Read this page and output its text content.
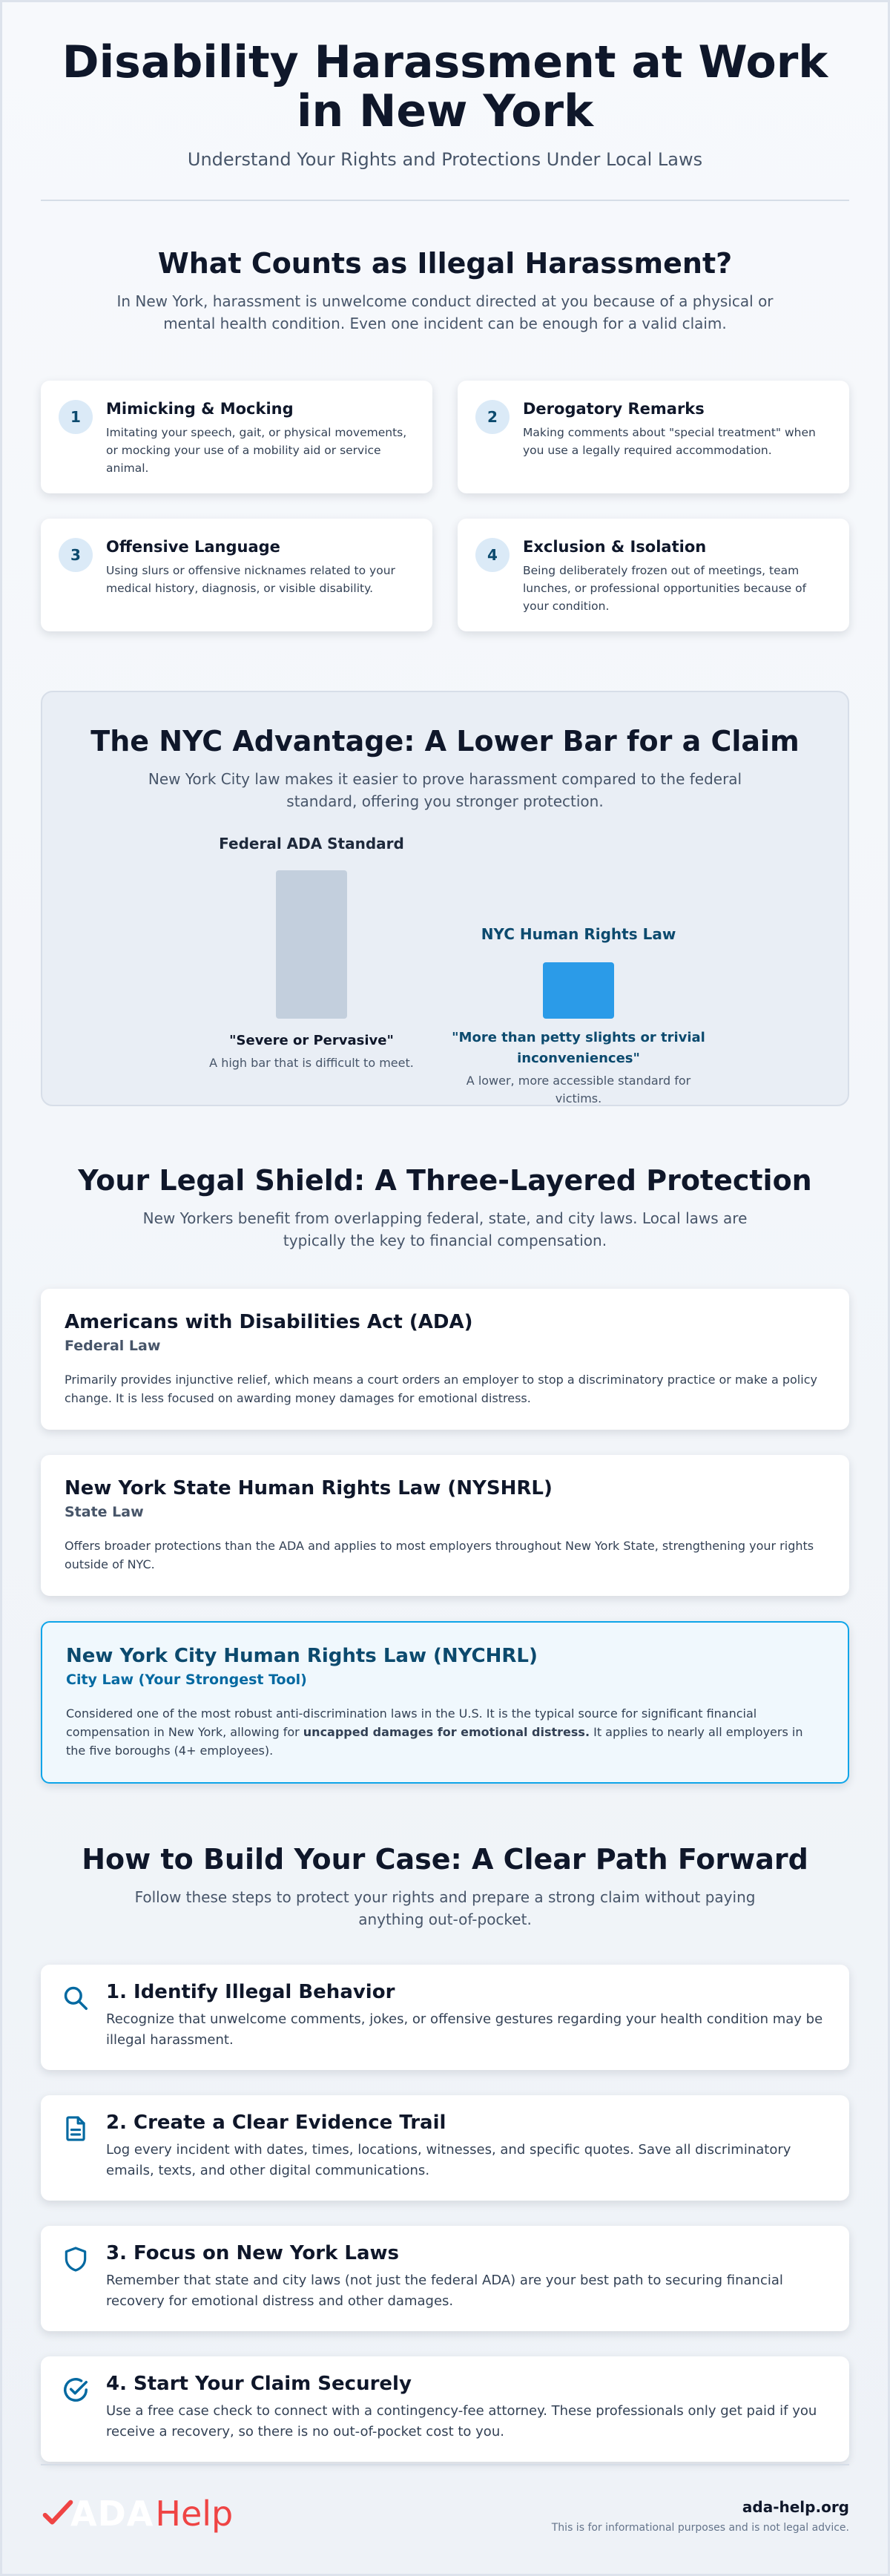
Disability Harassment at Work in New York
Understand Your Rights and Protections Under Local Laws
What Counts as Illegal Harassment?
In New York, harassment is unwelcome conduct directed at you because of a physical or mental health condition. Even one incident can be enough for a valid claim.
1	Mimicking & Mocking

Imitating your speech, gait, or physical movements, or mocking your use of a mobility aid or service animal.

2	Derogatory Remarks

Making comments about "special treatment" when you use a legally required accommodation.

3	Offensive Language

Using slurs or offensive nicknames related to your medical history, diagnosis, or visible disability.

4	Exclusion & Isolation

Being deliberately frozen out of meetings, team lunches, or professional opportunities because of your condition.

The NYC Advantage: A Lower Bar for a Claim
New York City law makes it easier to prove harassment compared to the federal standard, offering you stronger protection.
Federal ADA Standard
"Severe or Pervasive"
A high bar that is difficult to meet.
NYC Human Rights Law
"More than petty slights or trivial inconveniences"
A lower, more accessible standard for victims.
Your Legal Shield: A Three-Layered Protection
New Yorkers benefit from overlapping federal, state, and city laws. Local laws are typically the key to financial compensation.
Americans with Disabilities Act (ADA)
Federal Law

Primarily provides injunctive relief, which means a court orders an employer to stop a discriminatory practice or make a policy change. It is less focused on awarding money damages for emotional distress.

New York State Human Rights Law (NYSHRL)
State Law

Offers broader protections than the ADA and applies to most employers throughout New York State, strengthening your rights outside of NYC.

New York City Human Rights Law (NYCHRL)
City Law (Your Strongest Tool)

Considered one of the most robust anti-discrimination laws in the U.S. It is the typical source for significant financial compensation in New York, allowing for uncapped damages for emotional distress. It applies to nearly all employers in the five boroughs (4+ employees).

How to Build Your Case: A Clear Path Forward
Follow these steps to protect your rights and prepare a strong claim without paying anything out-of-pocket.
1. Identify Illegal Behavior

Recognize that unwelcome comments, jokes, or offensive gestures regarding your health condition may be illegal harassment.

2. Create a Clear Evidence Trail

Log every incident with dates, times, locations, witnesses, and specific quotes. Save all discriminatory emails, texts, and other digital communications.

3. Focus on New York Laws

Remember that state and city laws (not just the federal ADA) are your best path to securing financial recovery for emotional distress and other damages.

4. Start Your Claim Securely

Use a free case check to connect with a contingency-fee attorney. These professionals only get paid if you receive a recovery, so there is no out-of-pocket cost to you.

ADA Help	ada-help.org
This is for informational purposes and is not legal advice.
